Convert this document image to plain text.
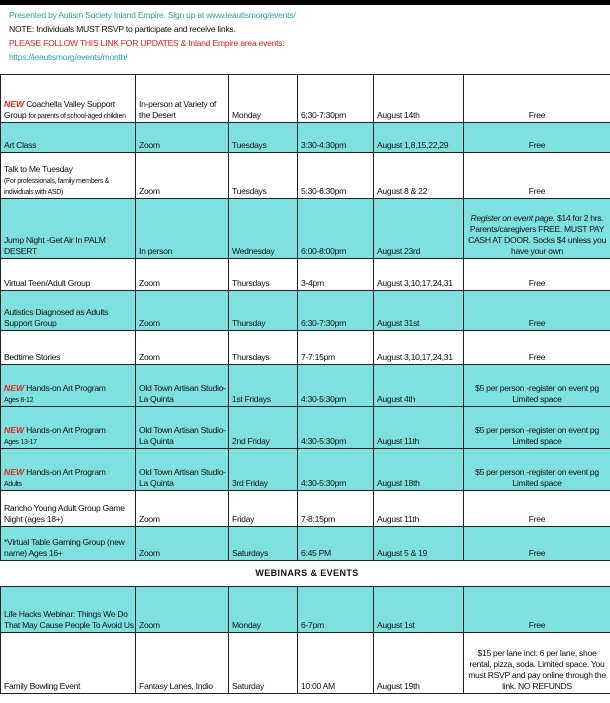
Presented by Autism Society Inland Empire. Sign up at www.ieautismorg/events/
NOTE: Individuals MUST RSVP to participate and receive links.
PLEASE FOLLOW THIS LINK FOR UPDATES & Inland Empire area events:
https://ieautismorg/events/month/
NEW Coachella Valley Support Group for parents of school-aged children	In-person at Variety of the Desert	Monday	6:30-7:30pm	August 14th	Free
Art Class	Zoom	Tuesdays	3:30-4:30pm	August 1,8,15,22,29	Free
Talk to Me Tuesday
(For professionals, family members & individuals with ASD)	Zoom	Tuesdays	5:30-6:30pm	August 8 & 22	Free
Jump Night -Get Air In PALM DESERT	In person	Wednesday	6:00-8:00pm	August 23rd	Register on event page. $14 for 2 hrs. Parents/caregivers FREE. MUST PAY CASH AT DOOR. Socks $4 unless you have your own
Virtual Teen/Adult Group	Zoom	Thursdays	3-4pm	August 3,10,17,24,31	Free
Autistics Diagnosed as Adults Support Group	Zoom	Thursday	6:30-7:30pm	August 31st	Free
Bedtime Stories	Zoom	Thursdays	7-7:15pm	August 3,10,17,24,31	Free
NEW Hands-on Art Program
Ages 8-12	Old Town Artisan Studio-La Quinta	1st Fridays	4:30-5:30pm	August 4th	$5 per person -register on event pg Limited space
NEW Hands-on Art Program
Ages 13-17	Old Town Artisan Studio-La Quinta	2nd Friday	4:30-5:30pm	August 11th	$5 per person -register on event pg Limited space
NEW Hands-on Art Program
Adults	Old Town Artisan Studio-La Quinta	3rd Friday	4:30-5:30pm	August 18th	$5 per person -register on event pg Limited space
Rancho Young Adult Group Game Night (ages 18+)	Zoom	Friday	7-8:15pm	August 11th	Free
*Virtual Table Gaming Group (new name) Ages 16+	Zoom	Saturdays	6:45 PM	August 5 & 19	Free
WEBINARS & EVENTS					
Life Hacks Webinar: Things We Do That May Cause People To Avoid Us	Zoom	Monday	6-7pm	August 1st	Free
Family Bowling Event	Fantasy Lanes, Indio	Saturday	10:00 AM	August 19th	$15 per lane incl. 6 per lane, shoe rental, pizza, soda. Limited space. You must RSVP and pay online through the link. NO REFUNDS
